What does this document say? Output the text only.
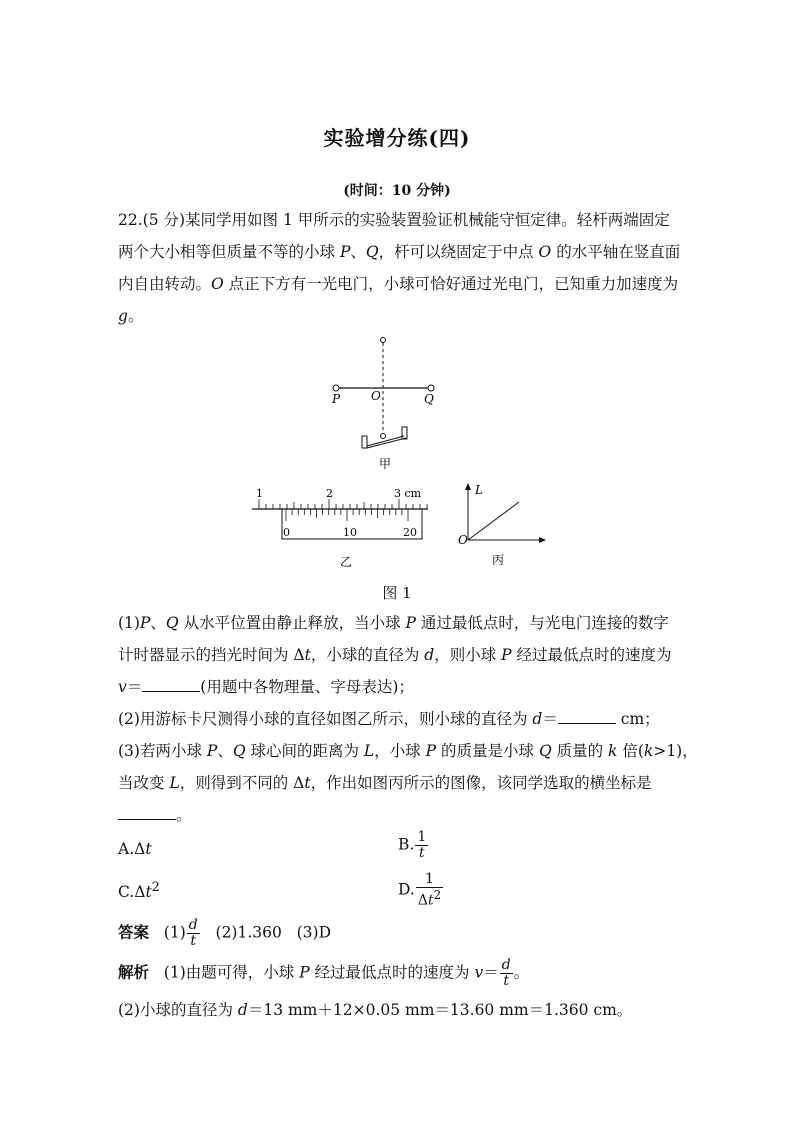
实验增分练(四)
(时间：10 分钟)
22.(5 分)某同学用如图 1 甲所示的实验装置验证机械能守恒定律。轻杆两端固定两个大小相等但质量不等的小球 P、Q，杆可以绕固定于中点 O 的水平轴在竖直面内自由转动。O 点正下方有一光电门，小球可恰好通过光电门，已知重力加速度为 g。
P	O	Q
甲
1	2	3 cm
0	10	20
乙
L
O
丙
图 1
(1)P、Q 从水平位置由静止释放，当小球 P 通过最低点时，与光电门连接的数字
计时器显示的挡光时间为 Δt，小球的直径为 d，则小球 P 经过最低点时的速度为
v＝	(用题中各物理量、字母表达)；
(2)用游标卡尺测得小球的直径如图乙所示，则小球的直径为 d＝	cm；
(3)若两小球 P、Q 球心间的距离为 L，小球 P 的质量是小球 Q 质量的 k 倍(k>1)，
当改变 L，则得到不同的 Δt，作出如图丙所示的图像，该同学选取的横坐标是
。
A.Δt	B. $\frac{1}{t}$
$C.\Delta t^2$	D. $\frac{1}{\Delta t^2}$
答案   $(1) \frac{d}{t} (2)1.360$   (3)D
解析   (1)由题可得，小球 P 经过最低点时的速度为 $v= \frac{d}{t}$ 。
(2)小球的直径为 d＝13 mm＋12×0.05 mm＝13.60 mm＝1.360 cm。
